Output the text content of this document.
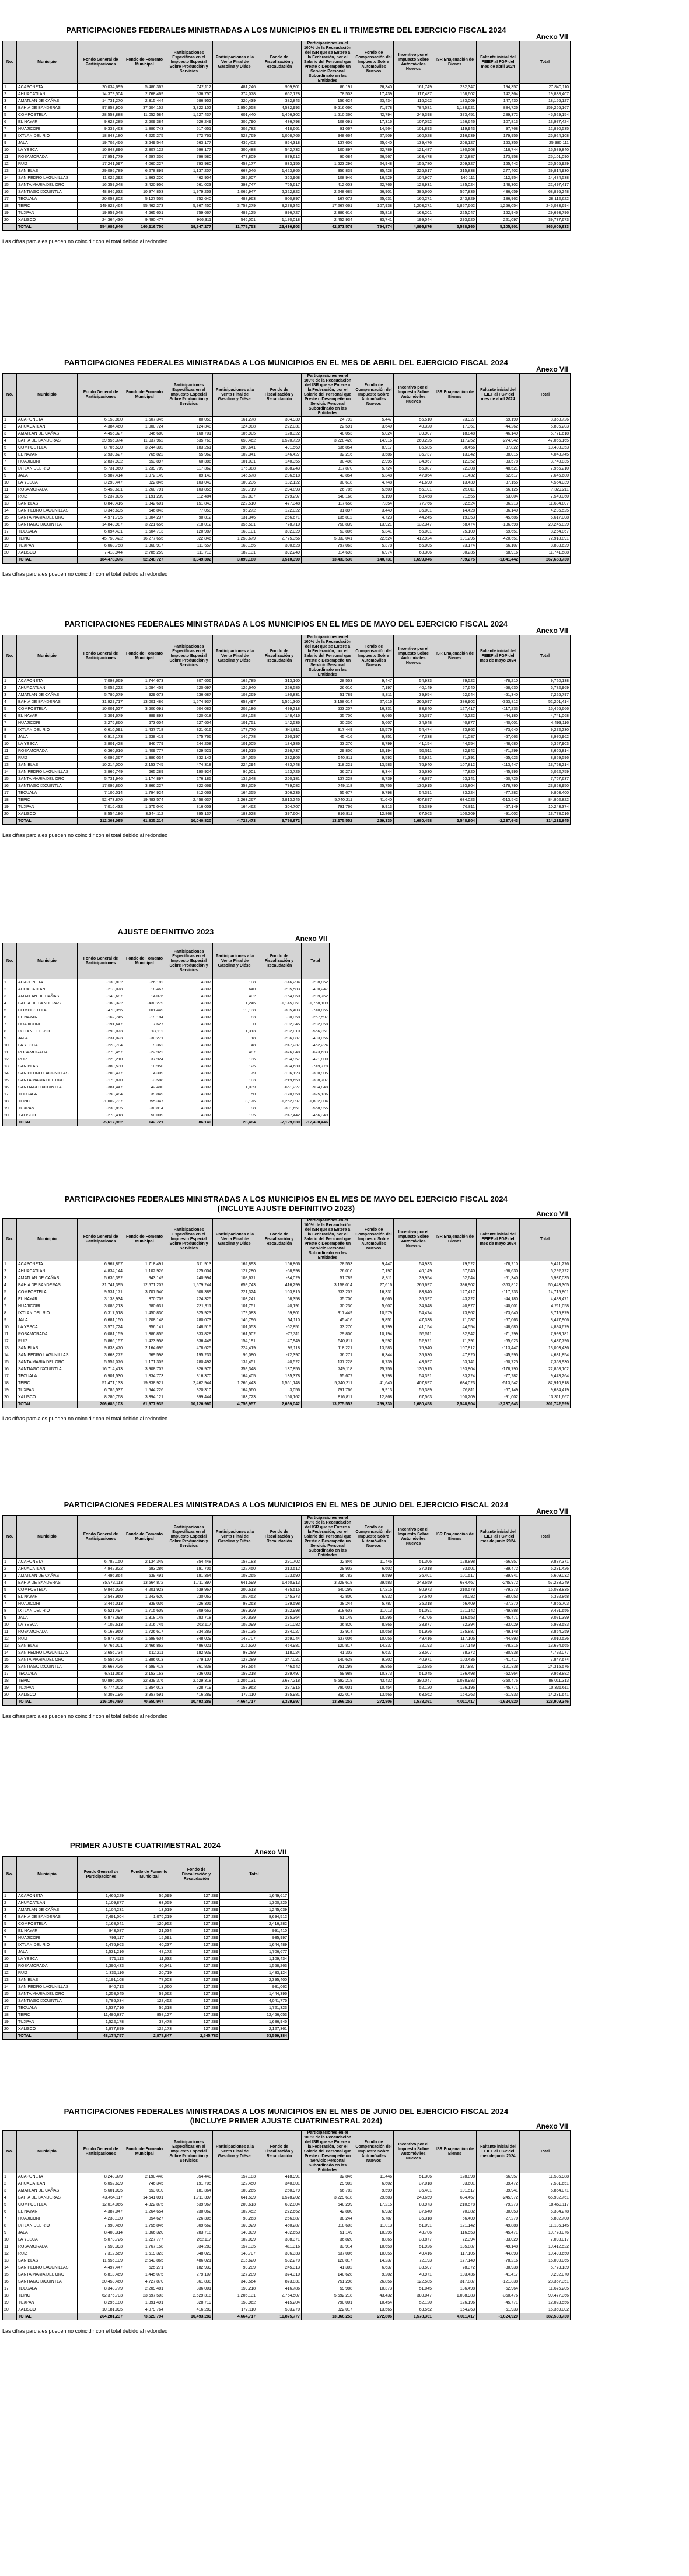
PARTICIPACIONES FEDERALES MINISTRADAS A LOS MUNICIPIOS EN EL II TRIMESTRE DEL EJERCICIO FISCAL 2024
Anexo VII
No.	Municipio	Fondo General de Participaciones	Fondo de Fomento Municipal	Participaciones Específicas en el Impuesto Especial Sobre Producción y Servicios	Participaciones a la Venta Final de Gasolina y Diésel	Fondo de Fiscalización y Recaudación	Participaciones en el 100% de la Recaudación del ISR que se Entere a la Federación, por el Salario del Personal que Preste o Desempeñe un Servicio Personal Subordinado en las Entidades	Fondo de Compensación del Impuesto Sobre Automóviles Nuevos	Incentivo por el Impuesto Sobre Automóviles Nuevos	ISR Enajenación de Bienes	Faltante inicial del FEIEF al FGP del mes de abril 2024	Total
1	ACAPONETA	20,034,699	5,486,367	742,112	481,246	909,801	86,191	26,340	161,749	232,347	194,357	27,840,110
2	AHUACATLAN	14,379,504	2,768,469	536,750	374,078	662,128	78,503	17,439	117,487	168,602	142,364	19,838,407
3	AMATLAN DE CAÑAS	14,731,270	2,315,444	586,952	320,439	382,843	156,624	23,434	116,262	183,009	147,430	18,156,127
4	BAHIA DE BANDERAS	97,858,906	37,604,152	3,822,102	1,950,558	4,532,993	9,616,060	71,978	784,581	1,138,621	884,726	159,266,167
5	COMPOSTELA	28,553,888	11,052,584	1,227,437	601,440	1,466,302	1,610,360	42,794	249,398	373,451	289,372	45,529,154
6	EL NAYAR	9,628,285	2,609,384	526,249	306,790	436,798	108,091	17,316	107,052	126,646	107,813	13,977,424
7	HUAJICORI	9,339,463	1,886,743	517,651	302,782	418,661	91,067	14,564	101,893	119,943	97,768	12,890,535
8	IXTLAN DEL RIO	18,843,180	4,225,275	772,761	528,769	1,008,766	948,664	27,509	160,528	216,639	179,956	26,924,108
9	JALA	19,702,466	3,649,544	663,177	436,402	854,318	137,606	25,640	139,476	208,127	163,355	25,980,111
10	LA YESCA	10,848,896	2,807,122	596,177	300,488	542,732	100,897	22,789	121,487	130,508	118,744	15,589,840
11	ROSAMORADA	17,951,779	4,297,336	796,580	478,809	879,612	90,084	26,567	163,478	242,887	173,958	25,101,090
12	RUIZ	17,241,597	4,060,227	793,980	458,177	833,155	1,623,296	24,948	155,780	209,327	165,442	25,565,929
13	SAN BLAS	29,095,789	6,278,899	1,137,207	667,046	1,423,865	356,839	35,428	226,617	315,838	277,402	39,814,930
14	SAN PEDRO LAGUNILLAS	11,025,392	1,863,220	462,904	285,607	363,968	108,946	16,529	104,907	140,111	112,954	14,484,538
15	SANTA MARIA DEL ORO	16,359,048	3,420,956	661,023	393,747	765,617	412,003	22,766	128,931	185,024	148,302	22,497,417
16	SANTIAGO IXCUINTLA	48,846,632	10,974,853	1,979,253	1,065,947	2,322,822	2,248,685	66,901	385,660	567,836	436,659	68,895,248
17	TECUALA	20,058,802	5,127,555	752,640	488,963	900,897	167,072	25,631	160,271	243,829	186,962	28,112,622
18	TEPIC	149,829,464	55,462,273	5,967,450	3,758,279	8,278,342	17,267,061	107,938	1,203,271	1,857,662	1,256,054	245,033,694
19	TUXPAN	19,959,048	4,665,601	759,667	489,125	896,727	2,386,616	25,818	163,201	225,047	162,946	29,693,796
20	XALISCO	24,364,430	9,490,477	966,311	546,001	1,170,018	2,452,934	33,741	199,044	293,620	221,097	39,737,673
	TOTAL	554,986,646	160,216,750	19,947,277	11,779,753	23,436,903	42,573,579	794,874	4,896,876	5,588,360	5,105,901	865,009,633
Las cifras parciales pueden no coincidir con el total debido al redondeo
PARTICIPACIONES FEDERALES MINISTRADAS A LOS MUNICIPIOS EN EL MES DE ABRIL DEL EJERCICIO FISCAL 2024
Anexo VII
No.	Municipio	Fondo General de Participaciones	Fondo de Fomento Municipal	Participaciones Específicas en el Impuesto Especial Sobre Producción y Servicios	Participaciones a la Venta Final de Gasolina y Diésel	Fondo de Fiscalización y Recaudación	Participaciones en el 100% de la Recaudación del ISR que se Entere a la Federación, por el Salario del Personal que Preste o Desempeñe un Servicio Personal Subordinado en las Entidades	Fondo de Compensación del Impuesto Sobre Automóviles Nuevos	Incentivo por el Impuesto Sobre Automóviles Nuevos	ISR Enajenación de Bienes	Faltante inicial del FEIEF al FGP del mes de abril 2024	Total
1	ACAPONETA	6,153,880	1,607,345	80,058	161,278	304,939	24,792	5,447	55,510	23,927	-59,190	8,358,726
2	AHUACATLAN	4,384,460	1,000,724	124,348	124,988	222,031	22,591	3,640	40,320	17,361	-44,262	5,896,203
3	AMATLAN DE CAÑAS	4,455,327	846,680	168,701	106,905	128,322	48,053	5,024	39,907	18,848	-46,149	5,771,618
4	BAHIA DE BANDERAS	29,956,374	11,037,962	535,768	650,462	1,520,720	3,228,428	14,916	269,225	117,252	-274,942	47,056,165
5	COMPOSTELA	8,706,590	3,244,302	183,261	200,641	491,569	536,854	8,917	85,585	38,456	-87,822	13,408,353
6	EL NAYAR	2,930,627	765,822	55,962	102,341	146,427	32,216	3,586	36,737	13,042	-38,015	4,048,745
7	HUAJICORI	2,837,932	553,897	60,386	101,031	140,355	30,498	2,995	34,967	12,352	-33,578	3,740,835
8	IXTLAN DEL RIO	5,731,960	1,239,789	117,362	176,388	338,243	317,870	5,724	55,087	22,308	-48,521	7,956,210
9	JALA	5,987,414	1,072,149	89,140	145,578	286,518	43,854	5,348	47,864	21,432	-52,617	7,646,680
10	LA YESCA	3,293,447	822,845	103,049	100,236	182,122	30,618	4,748	41,690	13,439	-37,155	4,554,039
11	ROSAMORADA	5,453,681	1,260,791	103,855	159,719	294,893	26,785	5,500	56,101	25,011	-56,125	7,329,211
12	RUIZ	5,237,836	1,191,239	112,484	152,837	279,297	548,168	5,190	53,458	21,555	-53,004	7,549,060
13	SAN BLAS	8,840,416	1,842,601	151,843	222,510	477,348	117,658	7,354	77,766	32,524	-86,213	11,684,807
14	SAN PEDRO LAGUNILLAS	3,345,695	546,843	77,058	95,272	122,022	31,897	3,449	36,001	14,428	-36,140	4,236,525
15	SANTA MARIA DEL ORO	4,971,795	1,004,237	90,812	131,346	256,671	135,812	4,723	44,245	19,053	-45,686	6,617,008
16	SANTIAGO IXCUINTLA	14,843,987	3,221,656	218,012	355,581	778,710	758,839	13,921	132,347	58,474	-136,698	20,245,829
17	TECUALA	6,094,431	1,504,713	120,987	163,101	302,029	53,806	5,341	55,001	25,109	-59,651	8,264,867
18	TEPIC	45,750,422	16,277,655	822,846	1,253,679	2,775,356	5,833,041	22,524	412,924	191,295	-420,651	72,918,891
19	TUXPAN	6,063,758	1,368,917	111,657	163,156	300,628	797,063	5,378	56,005	23,174	-56,107	8,833,629
20	XALISCO	7,418,944	2,785,259	111,713	182,131	392,249	814,693	6,974	68,306	30,235	-68,916	11,741,588
	TOTAL	184,478,976	52,248,727	3,349,302	3,899,180	9,510,399	13,433,536	140,731	1,699,046	739,275	-1,841,442	267,658,730
Las cifras parciales pueden no coincidir con el total debido al redondeo
PARTICIPACIONES FEDERALES MINISTRADAS A LOS MUNICIPIOS EN EL MES DE MAYO DEL EJERCICIO FISCAL 2024
Anexo VII
No.	Municipio	Fondo General de Participaciones	Fondo de Fomento Municipal	Participaciones Específicas en el Impuesto Especial Sobre Producción y Servicios	Participaciones a la Venta Final de Gasolina y Diésel	Fondo de Fiscalización y Recaudación	Participaciones en el 100% de la Recaudación del ISR que se Entere a la Federación, por el Salario del Personal que Preste o Desempeñe un Servicio Personal Subordinado en las Entidades	Fondo de Compensación del Impuesto Sobre Automóviles Nuevos	Incentivo por el Impuesto Sobre Automóviles Nuevos	ISR Enajenación de Bienes	Faltante inicial del FEIEF al FGP del mes de mayo 2024	Total
1	ACAPONETA	7,098,669	1,744,673	307,606	162,785	313,160	28,553	9,447	54,933	79,522	-78,210	9,720,138
2	AHUACATLAN	5,052,222	1,084,459	220,697	126,640	226,585	26,010	7,197	40,149	57,640	-58,630	6,782,969
3	AMATLAN DE CAÑAS	5,780,079	929,073	236,687	108,269	130,831	51,789	8,811	39,954	62,644	-61,340	7,226,797
4	BAHIA DE BANDERAS	31,929,717	13,001,486	1,574,937	658,497	1,561,360	3,158,014	27,616	266,697	386,902	-363,812	52,201,414
5	COMPOSTELA	10,001,527	3,606,091	504,082	202,186	499,218	533,207	16,331	83,840	127,417	-117,233	15,456,666
6	EL NAYAR	3,301,679	889,893	220,018	103,158	148,416	35,700	6,665	36,397	43,222	-44,180	4,741,068
7	HUAJICORI	3,276,860	673,004	227,604	101,751	142,536	30,230	5,607	34,648	40,877	-40,001	4,493,116
8	IXTLAN DEL RIO	6,610,591	1,437,718	321,616	177,770	341,811	317,449	10,579	54,474	73,862	-73,640	9,272,230
9	JALA	6,912,173	1,238,419	275,766	146,778	290,197	45,416	9,851	47,338	71,087	-67,063	8,970,962
10	LA YESCA	3,801,428	946,779	244,208	101,005	184,386	33,270	8,799	41,154	44,554	-48,680	5,357,903
11	ROSAMORADA	6,360,616	1,409,777	329,521	161,015	298,737	29,800	10,194	55,511	82,942	-71,299	8,666,814
12	RUIZ	6,095,367	1,386,034	332,142	154,055	282,906	540,811	9,592	52,921	71,391	-65,623	8,859,596
13	SAN BLAS	10,214,000	2,153,745	474,318	224,294	483,748	118,221	13,583	76,940	107,812	-113,447	13,753,214
14	SAN PEDRO LAGUNILLAS	3,866,749	665,289	190,924	96,001	123,726	36,271	6,344	35,630	47,820	-45,995	5,022,759
15	SANTA MARIA DEL ORO	5,731,946	1,174,897	276,185	132,348	260,181	137,228	8,739	43,697	63,141	-60,725	7,767,637
16	SANTIAGO IXCUINTLA	17,095,860	3,866,227	822,669	358,309	789,082	749,118	25,756	130,915	193,804	-178,790	23,853,950
17	TECUALA	7,100,014	1,794,924	312,063	164,355	306,236	55,677	9,798	54,391	83,224	-77,282	9,803,400
18	TEPIC	52,473,870	19,483,574	2,458,637	1,263,267	2,813,245	5,740,211	41,640	407,897	634,023	-513,542	84,802,822
19	TUXPAN	7,016,432	1,575,040	316,003	164,462	304,707	791,766	9,913	55,389	76,811	-67,149	10,243,374
20	XALISCO	8,554,186	3,344,112	395,137	183,528	397,604	816,811	12,868	67,563	100,209	-91,002	13,778,016
	TOTAL	212,303,065	61,835,214	10,040,820	4,728,473	9,798,672	13,275,552	259,330	1,680,458	2,548,904	-2,237,643	314,232,845
Las cifras parciales pueden no coincidir con el total debido al redondeo
AJUSTE DEFINITIVO 2023
Anexo VII
No.	Municipio	Fondo General de Participaciones	Fondo de Fomento Municipal	Participaciones Específicas en el Impuesto Especial Sobre Producción y Servicios	Participaciones a la Venta Final de Gasolina y Diésel	Fondo de Fiscalización y Recaudación	Total
1	ACAPONETA	-130,802	-26,182	4,307	108	-146,294	-298,862
2	AHUACATLAN	-218,078	18,467	4,307	640	-295,583	-490,247
3	AMATLAN DE CAÑAS	-143,687	14,076	4,307	402	-164,860	-289,762
4	BAHIA DE BANDERAS	-188,322	-430,279	4,307	1,246	-1,145,061	-1,758,109
5	COMPOSTELA	-470,356	101,449	4,307	19,138	-395,403	-740,865
6	EL NAYAR	-162,745	-19,184	4,307	83	-80,058	-257,597
7	HUAJICORI	-191,647	7,627	4,307	0	-102,345	-282,058
8	IXTLAN DEL RIO	-293,073	13,112	4,307	1,313	-282,010	-556,351
9	JALA	-231,023	-30,271	4,307	18	-236,087	-493,056
10	LA YESCA	-228,704	9,362	4,307	48	-247,237	-462,224
11	ROSAMORADA	-279,457	-22,922	4,307	487	-376,048	-673,633
12	RUIZ	-229,210	37,924	4,307	136	-234,957	-421,800
13	SAN BLAS	-380,530	10,950	4,307	125	-384,630	-749,778
14	SAN PEDRO LAGUNILLAS	-203,477	4,309	4,307	79	-196,123	-390,905
15	SANTA MARIA DEL ORO	-179,870	-3,588	4,307	103	-219,659	-398,707
16	SANTIAGO IXCUINTLA	-381,447	42,480	4,307	1,039	-651,227	-984,848
17	TECUALA	-198,484	39,849	4,307	50	-170,858	-325,136
18	TEPIC	-1,002,737	355,347	4,307	3,176	-1,252,097	-1,892,004
19	TUXPAN	-230,895	-30,814	4,307	98	-301,651	-558,955
20	XALISCO	-273,418	50,009	4,307	195	-247,442	-466,349
	TOTAL	-5,617,962	142,721	86,140	28,484	-7,129,630	-12,490,446
PARTICIPACIONES FEDERALES MINISTRADAS A LOS MUNICIPIOS EN EL MES DE MAYO DEL EJERCICIO FISCAL 2024
(INCLUYE AJUSTE DEFINITIVO 2023)
Anexo VII
No.	Municipio	Fondo General de Participaciones	Fondo de Fomento Municipal	Participaciones Específicas en el Impuesto Especial Sobre Producción y Servicios	Participaciones a la Venta Final de Gasolina y Diésel	Fondo de Fiscalización y Recaudación	Participaciones en el 100% de la Recaudación del ISR que se Entere a la Federación, por el Salario del Personal que Preste o Desempeñe un Servicio Personal Subordinado en las Entidades	Fondo de Compensación del Impuesto Sobre Automóviles Nuevos	Incentivo por el Impuesto Sobre Automóviles Nuevos	ISR Enajenación de Bienes	Faltante inicial del FEIEF al FGP del mes de mayo 2024	Total
1	ACAPONETA	6,967,867	1,718,491	311,913	162,893	166,866	28,553	9,447	54,933	79,522	-78,210	9,421,276
2	AHUACATLAN	4,834,144	1,102,926	225,004	127,280	-68,998	26,010	7,197	40,149	57,640	-58,630	6,292,722
3	AMATLAN DE CAÑAS	5,636,392	943,149	240,994	108,671	-34,029	51,789	8,811	39,954	62,644	-61,340	6,937,035
4	BAHIA DE BANDERAS	31,741,395	12,571,207	1,579,244	659,743	416,299	3,158,014	27,616	266,697	386,902	-363,812	50,443,305
5	COMPOSTELA	9,531,171	3,707,540	508,389	221,324	103,815	533,207	16,331	83,840	127,417	-117,233	14,715,801
6	EL NAYAR	3,138,934	870,709	224,325	103,241	68,358	35,700	6,665	36,397	43,222	-44,180	4,483,471
7	HUAJICORI	3,085,213	680,631	231,911	101,751	40,191	30,230	5,607	34,648	40,877	-40,001	4,211,058
8	IXTLAN DEL RIO	6,317,518	1,450,830	325,923	179,083	59,801	317,449	10,579	54,474	73,862	-73,640	8,715,879
9	JALA	6,681,150	1,208,148	280,073	146,796	54,110	45,416	9,851	47,338	71,087	-67,063	8,477,906
10	LA YESCA	3,572,724	956,141	248,515	101,053	-62,851	33,270	8,799	41,154	44,554	-48,680	4,894,679
11	ROSAMORADA	6,081,159	1,386,855	333,828	161,502	-77,311	29,800	10,194	55,511	82,942	-71,299	7,993,181
12	RUIZ	5,866,157	1,423,958	336,449	154,191	47,949	540,811	9,592	52,921	71,391	-65,623	8,437,796
13	SAN BLAS	9,833,470	2,164,695	478,625	224,419	99,118	118,221	13,583	76,940	107,812	-113,447	13,003,436
14	SAN PEDRO LAGUNILLAS	3,663,272	669,598	195,231	96,080	-72,397	36,271	6,344	35,630	47,820	-45,995	4,631,854
15	SANTA MARIA DEL ORO	5,552,076	1,171,309	280,492	132,451	40,522	137,228	8,739	43,697	63,141	-60,725	7,368,930
16	SANTIAGO IXCUINTLA	16,714,413	3,908,707	826,976	359,348	137,855	749,118	25,756	130,915	193,804	-178,790	22,868,102
17	TECUALA	6,901,530	1,834,773	316,370	164,405	135,378	55,677	9,798	54,391	83,224	-77,282	9,478,264
18	TEPIC	51,471,133	19,838,921	2,462,944	1,266,443	1,561,148	5,740,211	41,640	407,897	634,023	-513,542	82,910,818
19	TUXPAN	6,785,537	1,544,226	320,310	164,560	3,056	791,766	9,913	55,389	76,811	-67,149	9,684,419
20	XALISCO	8,280,768	3,394,121	399,444	183,723	150,162	816,811	12,868	67,563	100,209	-91,002	13,311,667
	TOTAL	206,685,103	61,977,935	10,126,960	4,756,957	2,669,042	13,275,552	259,330	1,680,458	2,548,904	-2,237,643	301,742,599
Las cifras parciales pueden no coincidir con el total debido al redondeo
PARTICIPACIONES FEDERALES MINISTRADAS A LOS MUNICIPIOS EN EL MES DE JUNIO DEL EJERCICIO FISCAL 2024
Anexo VII
No.	Municipio	Fondo General de Participaciones	Fondo de Fomento Municipal	Participaciones Específicas en el Impuesto Especial Sobre Producción y Servicios	Participaciones a la Venta Final de Gasolina y Diésel	Fondo de Fiscalización y Recaudación	Participaciones en el 100% de la Recaudación del ISR que se Entere a la Federación, por el Salario del Personal que Preste o Desempeñe un Servicio Personal Subordinado en las Entidades	Fondo de Compensación del Impuesto Sobre Automóviles Nuevos	Incentivo por el Impuesto Sobre Automóviles Nuevos	ISR Enajenación de Bienes	Faltante inicial del FEIEF al FGP del mes de junio 2024	Total
1	ACAPONETA	6,782,150	2,134,349	354,448	157,183	291,702	32,846	11,446	51,306	128,898	-56,957	9,887,371
2	AHUACATLAN	4,942,822	683,286	191,705	122,450	213,512	29,902	6,602	37,018	93,601	-39,472	6,281,426
3	AMATLAN DE CAÑAS	4,496,864	539,491	181,364	103,265	123,690	56,782	9,599	36,401	101,517	-39,941	5,609,032
4	BAHIA DE BANDERAS	35,973,113	13,564,872	1,711,397	641,599	1,450,913	3,229,618	29,583	248,659	634,467	-245,972	57,238,249
5	COMPOSTELA	9,846,025	4,201,923	539,967	200,613	475,515	540,299	17,215	80,973	210,578	-79,273	16,033,835
6	EL NAYAR	3,543,960	1,243,620	230,062	102,452	145,373	42,800	6,932	37,640	70,082	-30,053	5,392,868
7	HUAJICORI	3,445,013	839,036	226,305	98,263	139,598	38,244	5,787	35,318	66,409	-27,270	4,866,703
8	IXTLAN DEL RIO	6,521,497	1,715,609	309,662	169,929	322,998	318,603	11,013	51,091	121,142	-49,888	9,491,656
9	JALA	6,877,098	1,318,148	283,718	140,839	275,364	51,149	10,295	43,706	116,553	-45,471	9,071,399
10	LA YESCA	4,102,613	1,216,745	262,117	102,099	181,082	36,820	8,865	38,877	72,394	-33,029	5,988,583
11	ROSAMORADA	6,168,960	1,726,617	334,283	157,135	284,027	33,914	10,658	51,926	135,887	-49,148	8,854,259
12	RUIZ	5,977,453	1,598,604	348,029	148,707	269,044	537,006	10,055	49,416	117,105	-44,893	9,010,526
13	SAN BLAS	9,765,001	2,466,862	486,021	215,620	454,981	120,817	14,237	72,193	177,149	-78,216	13,694,665
14	SAN PEDRO LAGUNILLAS	3,656,734	612,211	182,939	93,289	118,024	41,302	6,637	33,507	78,372	-30,938	4,792,077
15	SANTA MARIA DEL ORO	5,555,424	1,386,013	279,107	127,289	247,021	140,628	9,202	40,971	103,436	-41,417	7,847,674
16	SANTIAGO IXCUINTLA	16,667,426	4,599,418	861,838	343,564	746,542	751,298	26,856	122,585	317,887	-121,838	24,315,576
17	TECUALA	6,811,063	2,153,163	336,001	159,218	289,497	59,988	10,373	51,045	136,498	-52,964	9,953,882
18	TEPIC	50,896,066	22,839,376	2,629,318	1,205,131	2,637,218	5,692,218	43,432	380,047	1,038,983	-350,476	86,011,313
19	TUXPAN	6,774,002	1,854,013	328,719	158,962	287,915	790,001	10,454	52,120	126,196	-45,771	10,336,611
20	XALISCO	8,303,196	3,957,591	416,289	177,110	375,981	822,017	13,565	63,562	164,263	-61,933	14,231,641
	TOTAL	216,106,480	70,650,947	10,493,289	4,664,717	9,329,997	13,366,252	272,806	1,578,361	4,011,417	-1,624,920	328,909,346
Las cifras parciales pueden no coincidir con el total debido al redondeo
PRIMER AJUSTE CUATRIMESTRAL 2024
Anexo VII
No.	Municipio	Fondo General de Participaciones	Fondo de Fomento Municipal	Fondo de Fiscalización y Recaudación	Total
1	ACAPONETA	1,466,229	56,099	127,289	1,649,617
2	AHUACATLAN	1,109,877	63,059	127,289	1,300,225
3	AMATLAN DE CAÑAS	1,104,231	13,519	127,289	1,245,039
4	BAHIA DE BANDERAS	7,491,004	1,076,219	127,289	8,694,512
5	COMPOSTELA	2,168,041	120,952	127,289	2,416,282
6	EL NAYAR	843,087	21,034	127,289	991,410
7	HUAJICORI	793,117	15,591	127,289	935,997
8	IXTLAN DEL RIO	1,476,963	40,237	127,289	1,644,489
9	JALA	1,531,216	48,172	127,289	1,706,677
10	LA YESCA	971,113	11,032	127,289	1,109,434
11	ROSAMORADA	1,390,433	40,541	127,289	1,558,263
12	RUIZ	1,335,116	20,719	127,289	1,483,124
13	SAN BLAS	2,191,108	77,003	127,289	2,395,400
14	SAN PEDRO LAGUNILLAS	840,713	13,060	127,289	981,062
15	SANTA MARIA DEL ORO	1,258,045	59,062	127,289	1,444,396
16	SANTIAGO IXCUINTLA	3,786,034	128,452	127,289	4,041,775
17	TECUALA	1,537,716	56,318	127,289	1,721,323
18	TEPIC	11,480,637	858,127	127,289	12,466,053
19	TUXPAN	1,522,178	37,478	127,289	1,686,945
20	XALISCO	1,877,899	122,173	127,289	2,127,361
	TOTAL	48,174,757	2,878,847	2,545,780	53,599,384
PARTICIPACIONES FEDERALES MINISTRADAS A LOS MUNICIPIOS EN EL MES DE JUNIO DEL EJERCICIO FISCAL 2024
(INCLUYE PRIMER AJUSTE CUATRIMESTRAL 2024)
Anexo VII
No.	Municipio	Fondo General de Participaciones	Fondo de Fomento Municipal	Participaciones Específicas en el Impuesto Especial Sobre Producción y Servicios	Participaciones a la Venta Final de Gasolina y Diésel	Fondo de Fiscalización y Recaudación	Participaciones en el 100% de la Recaudación del ISR que se Entere a la Federación, por el Salario del Personal que Preste o Desempeñe un Servicio Personal Subordinado en las Entidades	Fondo de Compensación del Impuesto Sobre Automóviles Nuevos	Incentivo por el Impuesto Sobre Automóviles Nuevos	ISR Enajenación de Bienes	Faltante inicial del FEIEF al FGP del mes de junio 2024	Total
1	ACAPONETA	8,248,379	2,190,448	354,448	157,183	418,991	32,846	11,446	51,306	128,898	-56,957	11,536,988
2	AHUACATLAN	6,052,699	746,345	191,705	122,450	340,801	29,902	6,602	37,018	93,601	-39,472	7,581,651
3	AMATLAN DE CAÑAS	5,601,095	553,010	181,364	103,265	250,979	56,782	9,599	36,401	101,517	-39,941	6,854,071
4	BAHIA DE BANDERAS	43,464,117	14,641,091	1,711,397	641,599	1,578,202	3,229,618	29,583	248,659	634,467	-245,972	65,932,761
5	COMPOSTELA	12,014,066	4,322,875	539,967	200,613	602,804	540,299	17,215	80,973	210,578	-79,273	18,450,117
6	EL NAYAR	4,387,047	1,264,654	230,062	102,452	272,662	42,800	6,932	37,640	70,082	-30,053	6,384,278
7	HUAJICORI	4,238,130	854,627	226,305	98,263	266,887	38,244	5,787	35,318	66,409	-27,270	5,802,700
8	IXTLAN DEL RIO	7,998,460	1,755,846	309,662	169,929	450,287	318,603	11,013	51,091	121,142	-49,888	11,136,145
9	JALA	8,408,314	1,366,320	283,718	140,839	402,653	51,149	10,295	43,706	116,553	-45,471	10,778,076
10	LA YESCA	5,073,726	1,227,777	262,117	102,099	308,371	36,820	8,865	38,877	72,394	-33,029	7,098,017
11	ROSAMORADA	7,559,393	1,767,158	334,283	157,135	411,316	33,914	10,658	51,926	135,887	-49,148	10,412,522
12	RUIZ	7,312,569	1,619,323	348,029	148,707	396,333	537,006	10,055	49,416	117,105	-44,893	10,493,650
13	SAN BLAS	11,956,109	2,543,865	486,021	215,620	582,270	120,817	14,237	72,193	177,149	-78,216	16,090,065
14	SAN PEDRO LAGUNILLAS	4,497,447	625,271	182,939	93,289	245,313	41,302	6,637	33,507	78,372	-30,938	5,773,139
15	SANTA MARIA DEL ORO	6,813,469	1,445,075	279,107	127,289	374,310	140,628	9,202	40,971	103,436	-41,417	9,292,070
16	SANTIAGO IXCUINTLA	20,453,460	4,727,870	861,838	343,564	873,831	751,298	26,856	122,585	317,887	-121,838	28,357,351
17	TECUALA	8,348,779	2,209,481	336,001	159,218	416,786	59,988	10,373	51,045	136,498	-52,964	11,675,205
18	TEPIC	62,376,703	23,697,503	2,629,318	1,205,131	2,764,507	5,692,218	43,432	380,047	1,038,983	-350,476	99,477,366
19	TUXPAN	8,296,180	1,891,491	328,719	158,962	415,204	790,001	10,454	52,120	126,196	-45,771	12,023,556
20	XALISCO	10,181,095	4,079,764	416,289	177,110	503,270	822,017	13,565	63,562	164,263	-61,933	16,359,002
	TOTAL	264,281,237	73,529,794	10,493,289	4,664,717	11,875,777	13,366,252	272,806	1,578,361	4,011,417	-1,624,920	382,508,730
Las cifras parciales pueden no coincidir con el total debido al redondeo
